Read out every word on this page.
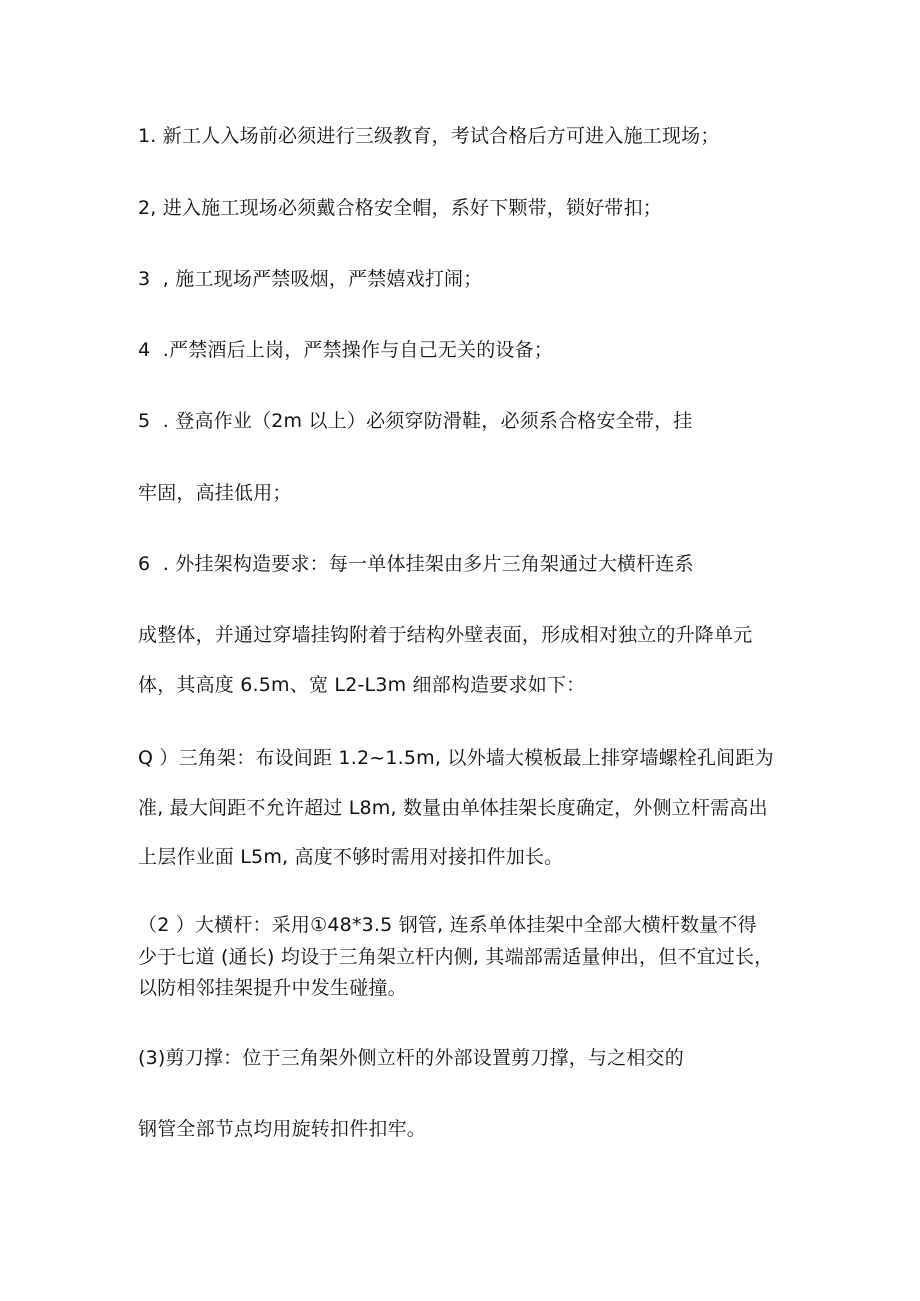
1. 新工人入场前必须进行三级教育，考试合格后方可进入施工现场；
2, 进入施工现场必须戴合格安全帽，系好下颗带，锁好带扣；
3  , 施工现场严禁吸烟，严禁嬉戏打闹；
4  .严禁酒后上岗，严禁操作与自己无关的设备；
5  . 登高作业（2m 以上）必须穿防滑鞋，必须系合格安全带，挂
牢固，高挂低用；
6  . 外挂架构造要求：每一单体挂架由多片三角架通过大横杆连系
成整体，并通过穿墙挂钩附着于结构外壁表面，形成相对独立的升降单元
体，其高度 6.5m、宽 L2-L3m 细部构造要求如下：
Q ）三角架：布设间距 1.2~1.5m, 以外墙大模板最上排穿墙螺栓孔间距为
准, 最大间距不允许超过 L8m, 数量由单体挂架长度确定，外侧立杆需高出
上层作业面 L5m, 高度不够时需用对接扣件加长。
（2 ）大横杆：采用①48*3.5 钢管, 连系单体挂架中全部大横杆数量不得
少于七道 (通长) 均设于三角架立杆内侧, 其端部需适量伸出，但不宜过长，
以防相邻挂架提升中发生碰撞。
(3)剪刀撑：位于三角架外侧立杆的外部设置剪刀撑，与之相交的
钢管全部节点均用旋转扣件扣牢。
